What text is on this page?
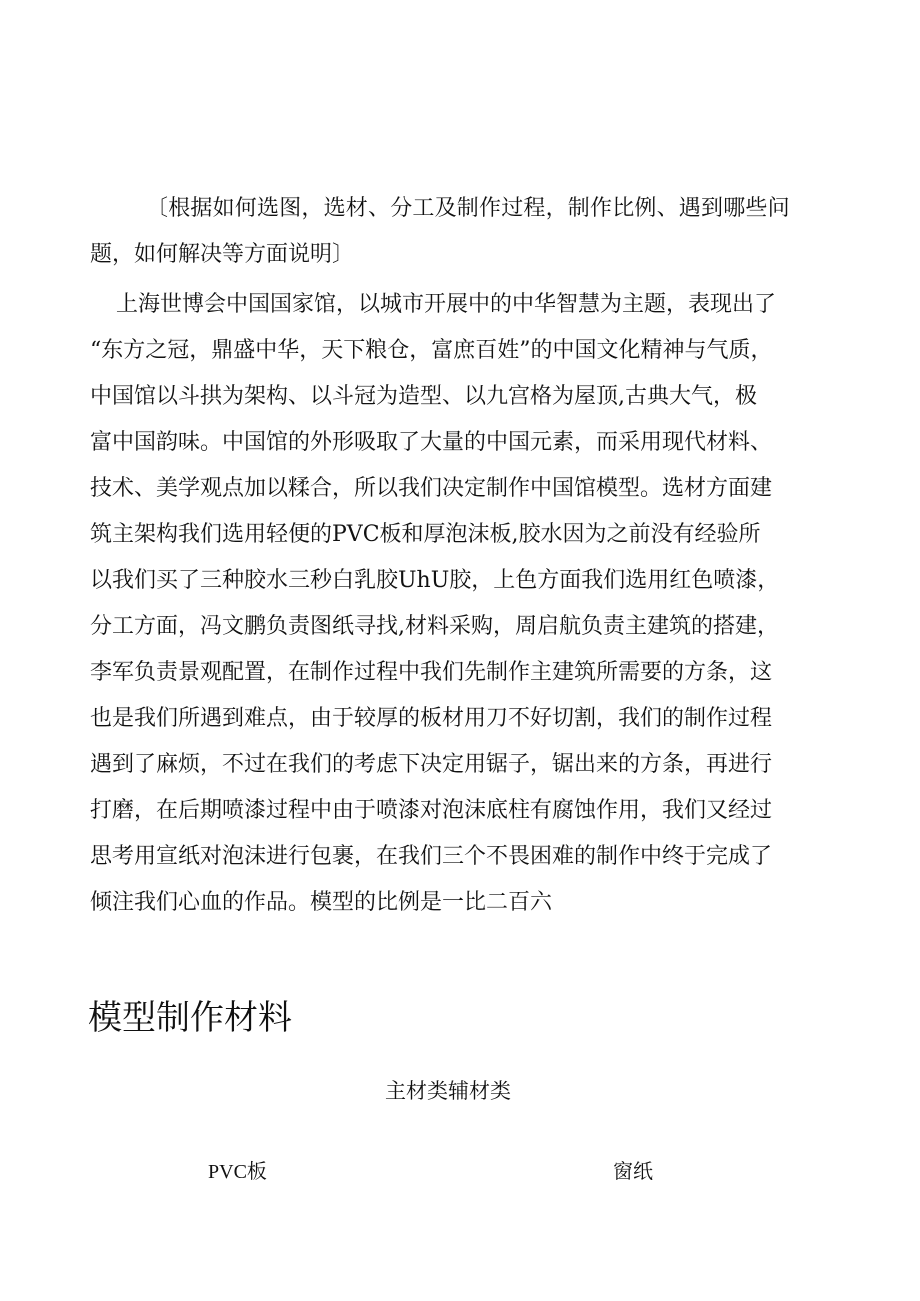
〔根据如何选图，选材、分工及制作过程，制作比例、遇到哪些问
题，如何解决等方面说明〕

上海世博会中国国家馆，以城市开展中的中华智慧为主题，表现出了
“东方之冠，鼎盛中华，天下粮仓，富庶百姓”的中国文化精神与气质，
中国馆以斗拱为架构、以斗冠为造型、以九宫格为屋顶,古典大气，极
富中国韵味。中国馆的外形吸取了大量的中国元素，而采用现代材料、
技术、美学观点加以糅合，所以我们决定制作中国馆模型。选材方面建
筑主架构我们选用轻便的PVC板和厚泡沫板,胶水因为之前没有经验所
以我们买了三种胶水三秒白乳胶UhU胶，上色方面我们选用红色喷漆，
分工方面，冯文鹏负责图纸寻找,材料采购，周启航负责主建筑的搭建，
李军负责景观配置，在制作过程中我们先制作主建筑所需要的方条，这
也是我们所遇到难点，由于较厚的板材用刀不好切割，我们的制作过程
遇到了麻烦，不过在我们的考虑下决定用锯子，锯出来的方条，再进行
打磨，在后期喷漆过程中由于喷漆对泡沫底柱有腐蚀作用，我们又经过
思考用宣纸对泡沫进行包裹，在我们三个不畏困难的制作中终于完成了
倾注我们心血的作品。模型的比例是一比二百六

模型制作材料
主材类辅材类
PVC板	窗纸
